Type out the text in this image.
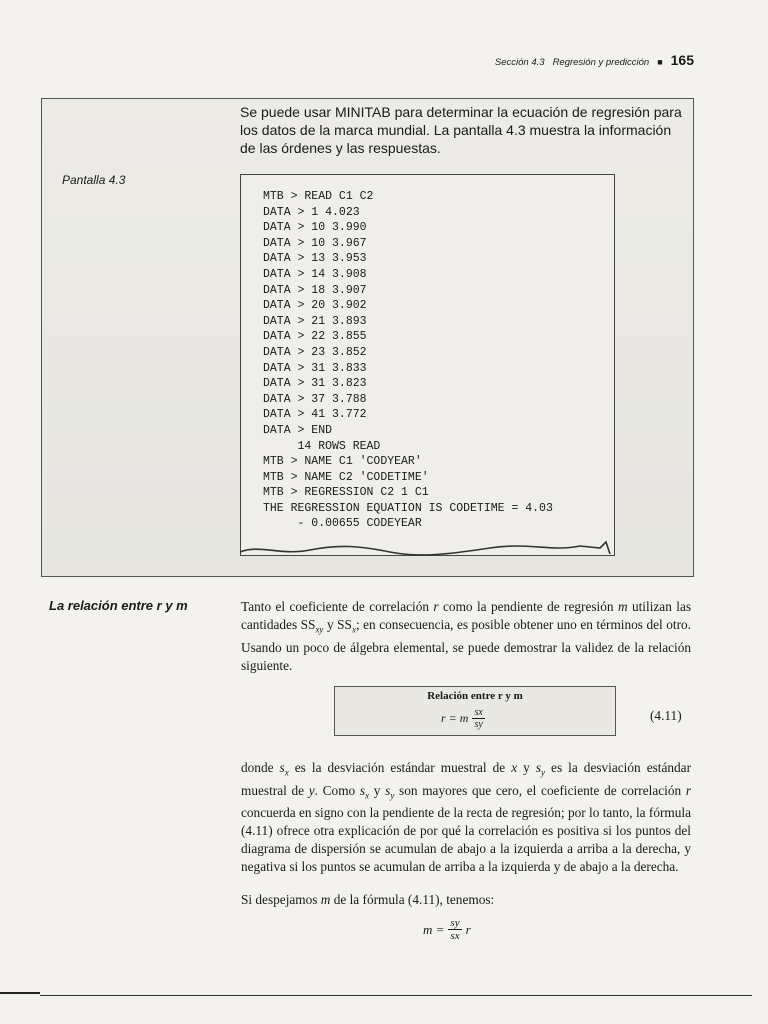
Sección 4.3 Regresión y predicción ■ 165
Se puede usar MINITAB para determinar la ecuación de regresión para los datos de la marca mundial. La pantalla 4.3 muestra la información de las órdenes y las respuestas.
Pantalla 4.3
MTB > READ C1 C2
DATA > 1 4.023
DATA > 10 3.990
DATA > 10 3.967
DATA > 13 3.953
DATA > 14 3.908
DATA > 18 3.907
DATA > 20 3.902
DATA > 21 3.893
DATA > 22 3.855
DATA > 23 3.852
DATA > 31 3.833
DATA > 31 3.823
DATA > 37 3.788
DATA > 41 3.772
DATA > END
14 ROWS READ
MTB > NAME C1 'CODYEAR'
MTB > NAME C2 'CODETIME'
MTB > REGRESSION C2 1 C1
THE REGRESSION EQUATION IS CODETIME = 4.03
- 0.00655 CODEYEAR

La relación entre r y m	Tanto el coeficiente de correlación r como la pendiente de regresión m utilizan las cantidades $SS_{xy}$ y $SS_x$; en consecuencia, es posible obtener uno en términos del otro. Usando un poco de álgebra elemental, se puede demostrar la validez de la relación siguiente.

Relación entre r y m
r = m $\frac{sx}{sy}$	(4.11)

donde $s_x$ es la desviación estándar muestral de x y $s_y$ es la desviación estándar muestral de y. Como $s_x$ y $s_y$ son mayores que cero, el coeficiente de correlación r concuerda en signo con la pendiente de la recta de regresión; por lo tanto, la fórmula (4.11) ofrece otra explicación de por qué la correlación es positiva si los puntos del diagrama de dispersión se acumulan de abajo a la izquierda a arriba a la derecha, y negativa si los puntos se acumulan de arriba a la izquierda y de abajo a la derecha.

Si despejamos m de la fórmula (4.11), tenemos:

$m = \frac{sy}{sx}$ r
